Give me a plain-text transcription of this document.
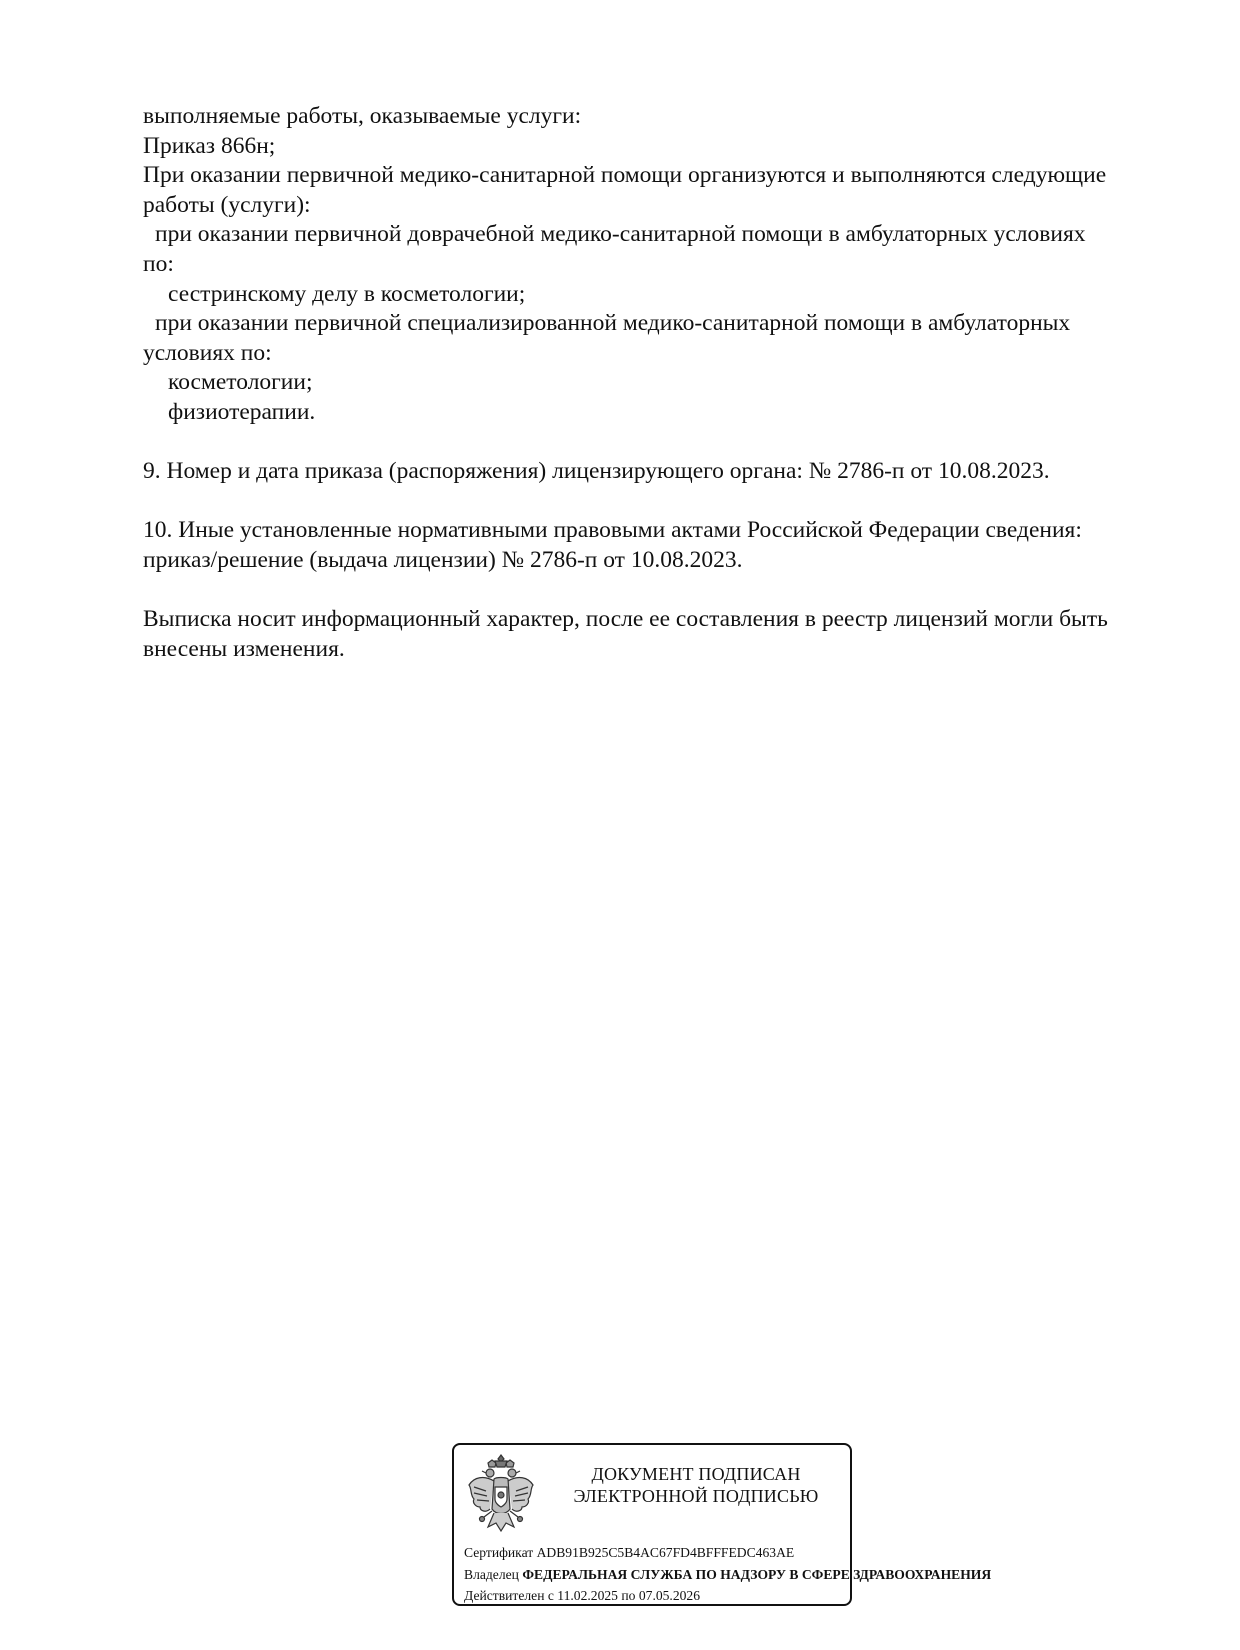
выполняемые работы, оказываемые услуги:
Приказ 866н;
При оказании первичной медико-санитарной помощи организуются и выполняются следующие
работы (услуги):
при оказании первичной доврачебной медико-санитарной помощи в амбулаторных условиях
по:
сестринскому делу в косметологии;
при оказании первичной специализированной медико-санитарной помощи в амбулаторных
условиях по:
косметологии;
физиотерапии.
9. Номер и дата приказа (распоряжения) лицензирующего органа: № 2786-п от 10.08.2023.
10. Иные установленные нормативными правовыми актами Российской Федерации сведения:
приказ/решение (выдача лицензии) № 2786-п от 10.08.2023.
Выписка носит информационный характер, после ее составления в реестр лицензий могли быть
внесены изменения.
ДОКУМЕНТ ПОДПИСАН
ЭЛЕКТРОННОЙ ПОДПИСЬЮ
Сертификат ADB91B925C5B4AC67FD4BFFFEDC463AE
Владелец ФЕДЕРАЛЬНАЯ СЛУЖБА ПО НАДЗОРУ В СФЕРЕ ЗДРАВООХРАНЕНИЯ
Действителен с 11.02.2025 по 07.05.2026
